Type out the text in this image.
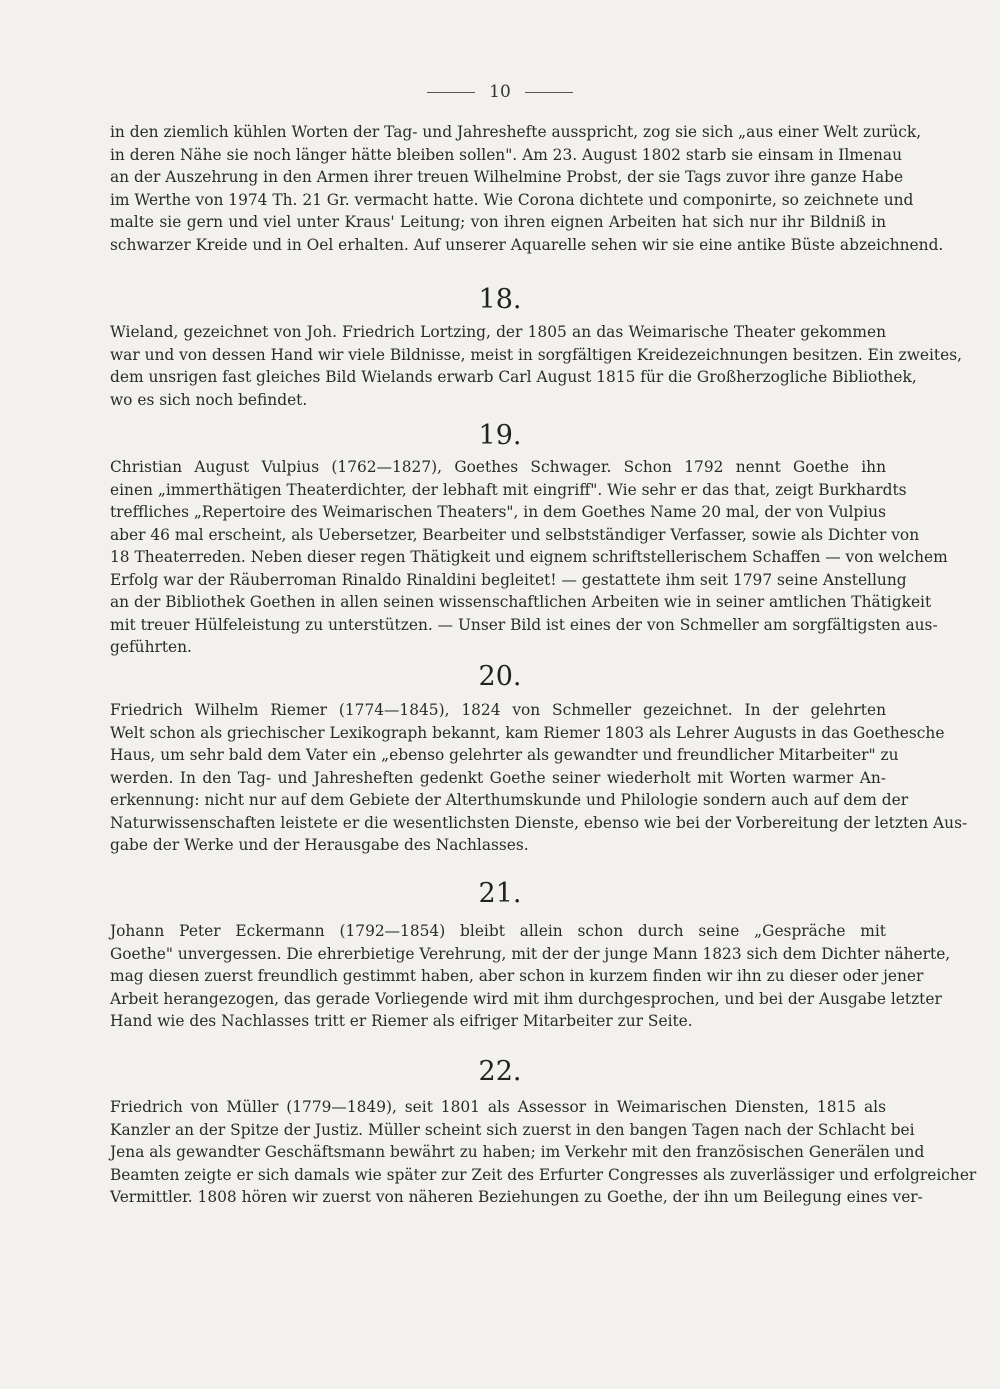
10
in den ziemlich kühlen Worten der Tag- und Jahreshefte ausspricht, zog sie sich „aus einer Welt zurück,
in deren Nähe sie noch länger hätte bleiben sollen". Am 23. August 1802 starb sie einsam in Ilmenau
an der Auszehrung in den Armen ihrer treuen Wilhelmine Probst, der sie Tags zuvor ihre ganze Habe
im Werthe von 1974 Th. 21 Gr. vermacht hatte. Wie Corona dichtete und componirte, so zeichnete und
malte sie gern und viel unter Kraus' Leitung; von ihren eignen Arbeiten hat sich nur ihr Bildniß in
schwarzer Kreide und in Oel erhalten. Auf unserer Aquarelle sehen wir sie eine antike Büste abzeichnend.
18.
Wieland, gezeichnet von Joh. Friedrich Lortzing, der 1805 an das Weimarische Theater gekommen
war und von dessen Hand wir viele Bildnisse, meist in sorgfältigen Kreidezeichnungen besitzen. Ein zweites,
dem unsrigen fast gleiches Bild Wielands erwarb Carl August 1815 für die Großherzogliche Bibliothek,
wo es sich noch befindet.
19.
Christian August Vulpius (1762—1827), Goethes Schwager. Schon 1792 nennt Goethe ihn
einen „immerthätigen Theaterdichter, der lebhaft mit eingriff". Wie sehr er das that, zeigt Burkhardts
treffliches „Repertoire des Weimarischen Theaters", in dem Goethes Name 20 mal, der von Vulpius
aber 46 mal erscheint, als Uebersetzer, Bearbeiter und selbstständiger Verfasser, sowie als Dichter von
18 Theaterreden. Neben dieser regen Thätigkeit und eignem schriftstellerischem Schaffen — von welchem
Erfolg war der Räuberroman Rinaldo Rinaldini begleitet! — gestattete ihm seit 1797 seine Anstellung
an der Bibliothek Goethen in allen seinen wissenschaftlichen Arbeiten wie in seiner amtlichen Thätigkeit
mit treuer Hülfeleistung zu unterstützen. — Unser Bild ist eines der von Schmeller am sorgfältigsten aus-
geführten.
20.
Friedrich Wilhelm Riemer (1774—1845), 1824 von Schmeller gezeichnet. In der gelehrten
Welt schon als griechischer Lexikograph bekannt, kam Riemer 1803 als Lehrer Augusts in das Goethesche
Haus, um sehr bald dem Vater ein „ebenso gelehrter als gewandter und freundlicher Mitarbeiter" zu
werden. In den Tag- und Jahresheften gedenkt Goethe seiner wiederholt mit Worten warmer An-
erkennung: nicht nur auf dem Gebiete der Alterthumskunde und Philologie sondern auch auf dem der
Naturwissenschaften leistete er die wesentlichsten Dienste, ebenso wie bei der Vorbereitung der letzten Aus-
gabe der Werke und der Herausgabe des Nachlasses.
21.
Johann Peter Eckermann (1792—1854) bleibt allein schon durch seine „Gespräche mit
Goethe" unvergessen. Die ehrerbietige Verehrung, mit der der junge Mann 1823 sich dem Dichter näherte,
mag diesen zuerst freundlich gestimmt haben, aber schon in kurzem finden wir ihn zu dieser oder jener
Arbeit herangezogen, das gerade Vorliegende wird mit ihm durchgesprochen, und bei der Ausgabe letzter
Hand wie des Nachlasses tritt er Riemer als eifriger Mitarbeiter zur Seite.
22.
Friedrich von Müller (1779—1849), seit 1801 als Assessor in Weimarischen Diensten, 1815 als
Kanzler an der Spitze der Justiz. Müller scheint sich zuerst in den bangen Tagen nach der Schlacht bei
Jena als gewandter Geschäftsmann bewährt zu haben; im Verkehr mit den französischen Generälen und
Beamten zeigte er sich damals wie später zur Zeit des Erfurter Congresses als zuverlässiger und erfolgreicher
Vermittler. 1808 hören wir zuerst von näheren Beziehungen zu Goethe, der ihn um Beilegung eines ver-
